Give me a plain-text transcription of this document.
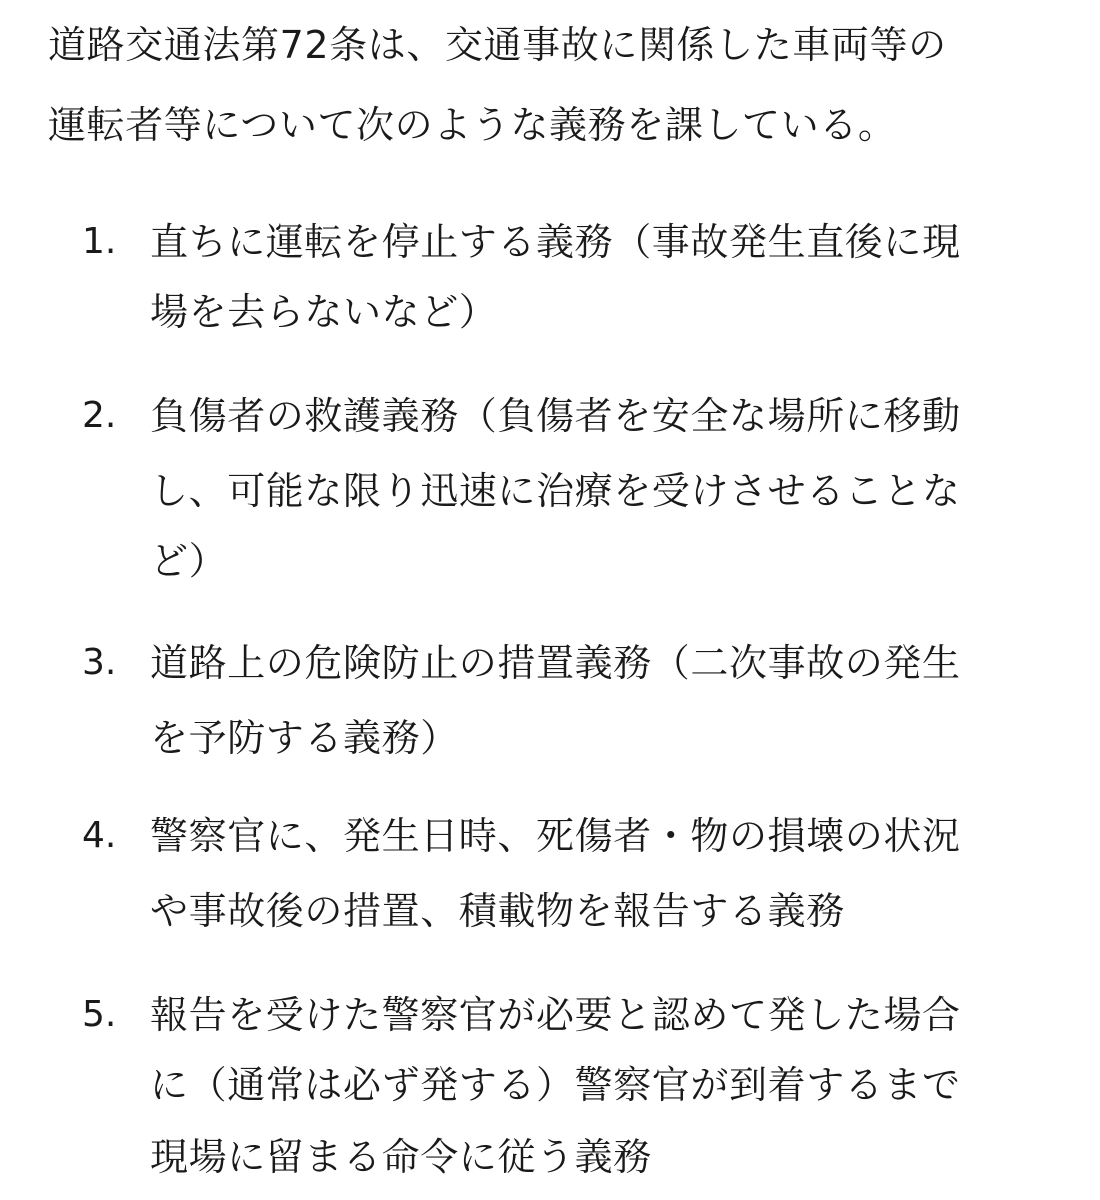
道路交通法第72条は、交通事故に関係した車両等の
運転者等について次のような義務を課している。
1. 直ちに運転を停止する義務（事故発生直後に現
場を去らないなど）
2. 負傷者の救護義務（負傷者を安全な場所に移動
し、可能な限り迅速に治療を受けさせることな
ど）
3. 道路上の危険防止の措置義務（二次事故の発生
を予防する義務）
4. 警察官に、発生日時、死傷者・物の損壊の状況
や事故後の措置、積載物を報告する義務
5. 報告を受けた警察官が必要と認めて発した場合
に（通常は必ず発する）警察官が到着するまで
現場に留まる命令に従う義務
